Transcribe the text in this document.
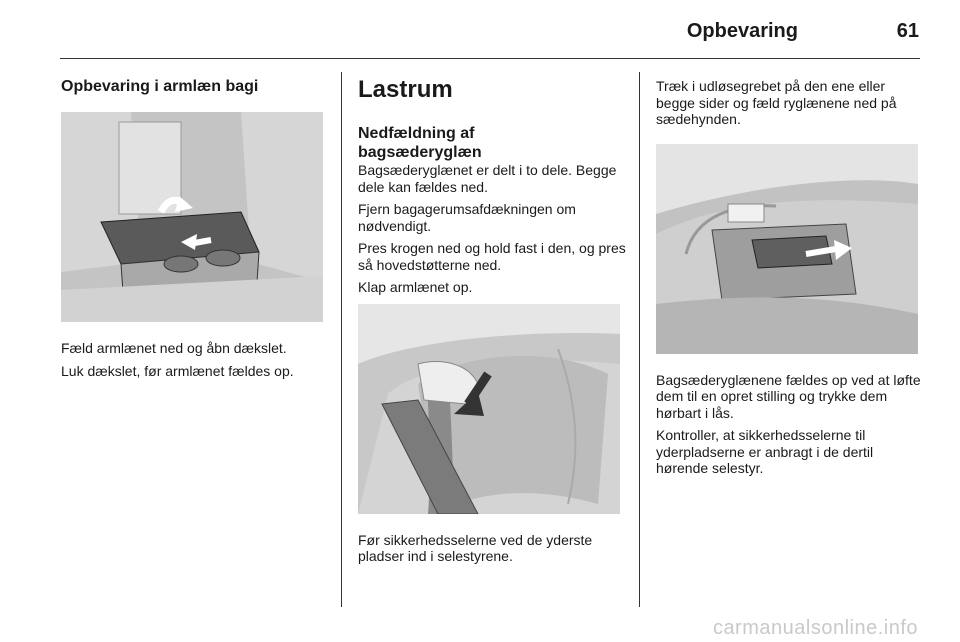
Opbevaring	61
Opbevaring i armlæn bagi

Fæld armlænet ned og åbn dækslet.

Luk dækslet, før armlænet fældes op.

Lastrum
Nedfældning af
bagsæderyglæn

Bagsæderyglænet er delt i to dele. Begge dele kan fældes ned.

Fjern bagagerumsafdækningen om nødvendigt.

Pres krogen ned og hold fast i den, og pres så hovedstøtterne ned.

Klap armlænet op.

Før sikkerhedsselerne ved de yderste pladser ind i selestyrene.

Træk i udløsegrebet på den ene eller begge sider og fæld ryglænene ned på sædehynden.

Bagsæderyglænene fældes op ved at løfte dem til en opret stilling og trykke dem hørbart i lås.

Kontroller, at sikkerhedsselerne til yderpladserne er anbragt i de dertil hørende selestyr.

carmanualsonline.info
